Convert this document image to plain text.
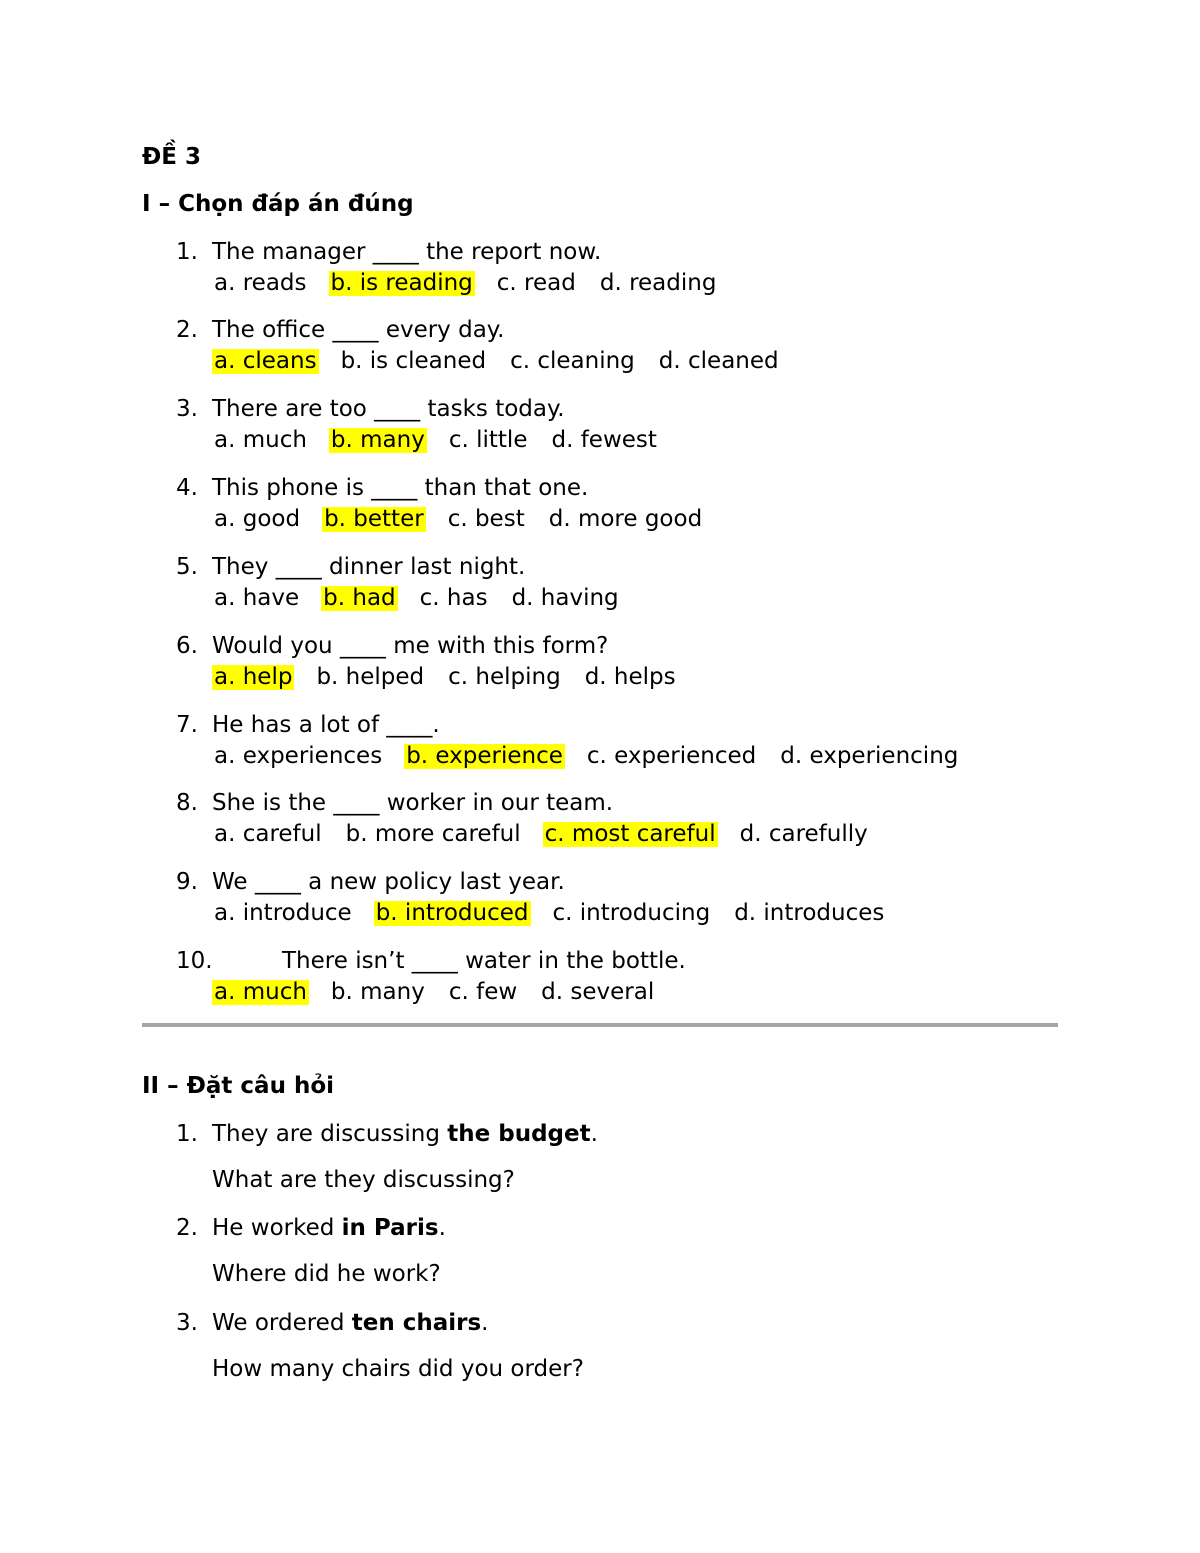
ĐỀ 3
I – Chọn đáp án đúng
1. The manager ____ the report now.
a. reads b. is reading c. read d. reading
2. The office ____ every day.
a. cleans b. is cleaned c. cleaning d. cleaned
3. There are too ____ tasks today.
a. much b. many c. little d. fewest
4. This phone is ____ than that one.
a. good b. better c. best d. more good
5. They ____ dinner last night.
a. have b. had c. has d. having
6. Would you ____ me with this form?
a. help b. helped c. helping d. helps
7. He has a lot of ____.
a. experiences b. experience c. experienced d. experiencing
8. She is the ____ worker in our team.
a. careful b. more careful c. most careful d. carefully
9. We ____ a new policy last year.
a. introduce b. introduced c. introducing d. introduces
10.	There isn’t ____ water in the bottle.
a. much b. many c. few d. several
II – Đặt câu hỏi
1. They are discussing the budget.
What are they discussing?
2. He worked in Paris.
Where did he work?
3. We ordered ten chairs.
How many chairs did you order?
